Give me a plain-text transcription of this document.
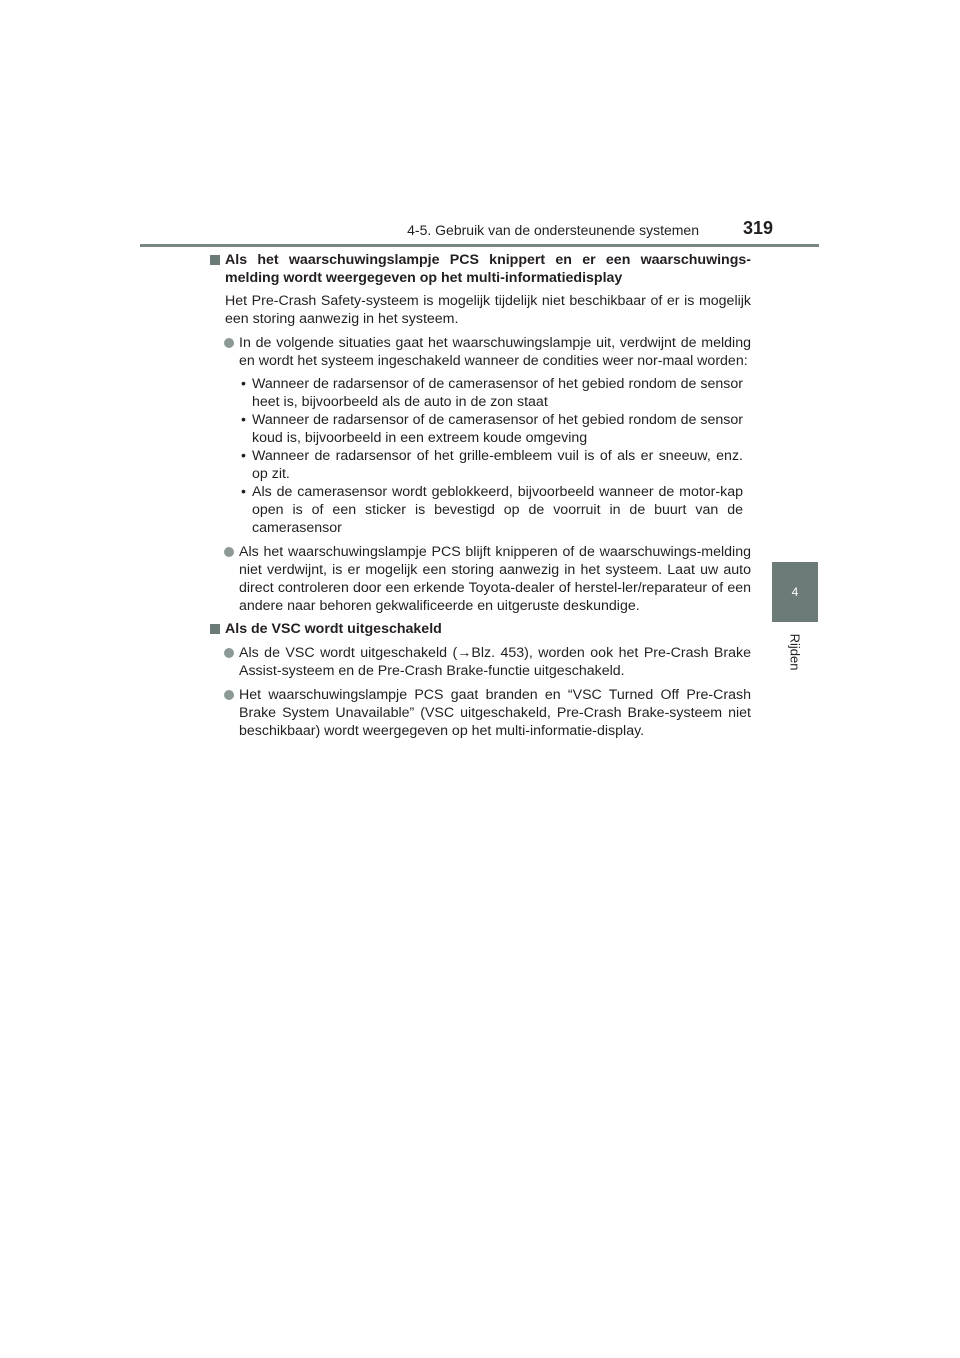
4-5. Gebruik van de ondersteunende systemen 319
4
Rijden
Als het waarschuwingslampje PCS knippert en er een waarschuwings-melding wordt weergegeven op het multi-informatiedisplay
Het Pre-Crash Safety-systeem is mogelijk tijdelijk niet beschikbaar of er is mogelijk een storing aanwezig in het systeem.
In de volgende situaties gaat het waarschuwingslampje uit, verdwijnt de melding en wordt het systeem ingeschakeld wanneer de condities weer nor-maal worden:
• Wanneer de radarsensor of de camerasensor of het gebied rondom de sensor heet is, bijvoorbeeld als de auto in de zon staat
• Wanneer de radarsensor of de camerasensor of het gebied rondom de sensor koud is, bijvoorbeeld in een extreem koude omgeving
• Wanneer de radarsensor of het grille-embleem vuil is of als er sneeuw, enz. op zit.
• Als de camerasensor wordt geblokkeerd, bijvoorbeeld wanneer de motor-kap open is of een sticker is bevestigd op de voorruit in de buurt van de camerasensor
Als het waarschuwingslampje PCS blijft knipperen of de waarschuwings-melding niet verdwijnt, is er mogelijk een storing aanwezig in het systeem. Laat uw auto direct controleren door een erkende Toyota-dealer of herstel-ler/reparateur of een andere naar behoren gekwalificeerde en uitgeruste deskundige.
Als de VSC wordt uitgeschakeld
Als de VSC wordt uitgeschakeld (→Blz. 453), worden ook het Pre-Crash Brake Assist-systeem en de Pre-Crash Brake-functie uitgeschakeld.
Het waarschuwingslampje PCS gaat branden en “VSC Turned Off Pre-Crash Brake System Unavailable” (VSC uitgeschakeld, Pre-Crash Brake-systeem niet beschikbaar) wordt weergegeven op het multi-informatie-display.
